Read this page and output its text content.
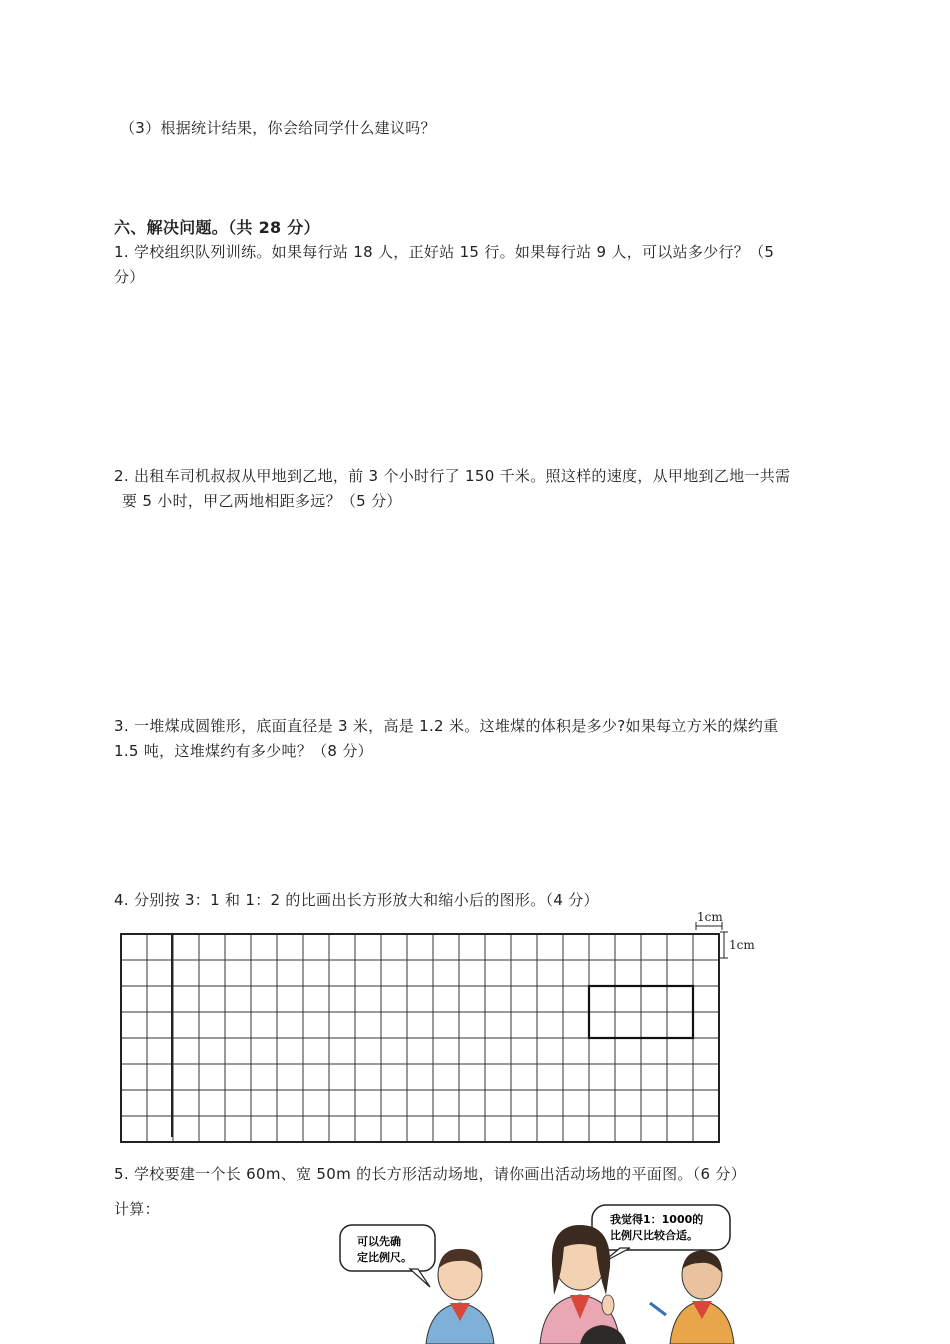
（3）根据统计结果，你会给同学什么建议吗？
六、解决问题。（共 28 分）
1. 学校组织队列训练。如果每行站 18 人，正好站 15 行。如果每行站 9 人，可以站多少行？（5
分）
2. 出租车司机叔叔从甲地到乙地，前 3 个小时行了 150 千米。照这样的速度，从甲地到乙地一共需
要 5 小时，甲乙两地相距多远？（5 分）
3. 一堆煤成圆锥形，底面直径是 3 米，高是 1.2 米。这堆煤的体积是多少?如果每立方米的煤约重
1.5 吨，这堆煤约有多少吨？（8 分）
4. 分别按 3：1 和 1：2 的比画出长方形放大和缩小后的图形。（4 分）
1cm
1cm
5. 学校要建一个长 60m、宽 50m 的长方形活动场地，请你画出活动场地的平面图。（6 分）
计算：
可以先确
定比例尺。
我觉得1：1000的
比例尺比较合适。
